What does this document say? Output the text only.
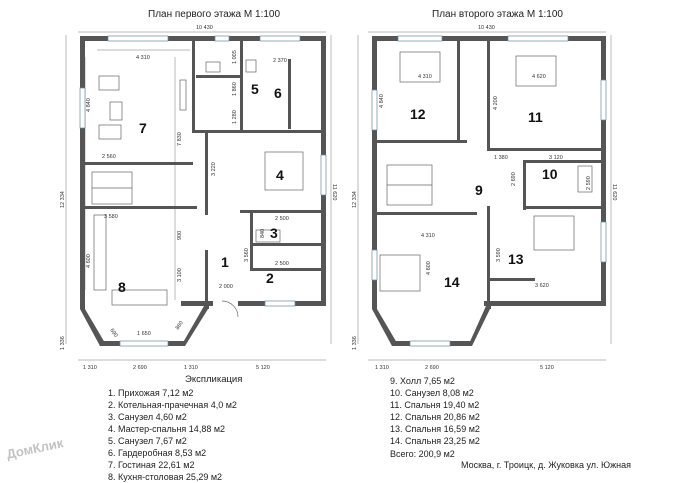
План первого этажа М 1:100	План второго этажа М 1:100
1
2
3
4
5 6
7
8
10 430
4 310	2 370
2 560
3 580	2 500
2 500
2 000
1 650
1 310	2 690	1 310	5 120
12 334
1 336
11 620
4 840
7 830
3 220
900
4 600
3 100
3 560
1 005
1 860
1 280
840
860
690
9
10
11
12
13
14
10 430
4 310	4 620
1 380	3 120
4 310
3 620
1 310	2 690	5 120
12 334
1 336
11 620
4 840	4 200
2 690	2 590
4 600
3 590
Экспликация
1. Прихожая 7,12 м2
2. Котельная-прачечная 4,0 м2
3. Санузел 4,60 м2
4. Мастер-спальня 14,88 м2
5. Санузел 7,67 м2
6. Гардеробная 8,53 м2
7. Гостиная 22,61 м2
8. Кухня-столовая 25,29 м2
9. Холл 7,65 м2
10. Санузел 8,08 м2
11. Спальня 19,40 м2
12. Спальня 20,86 м2
13. Спальня 16,59 м2
14. Спальня 23,25 м2
Всего: 200,9 м2
Москва, г. Троицк, д. Жуковка ул. Южная
ДомКлик
